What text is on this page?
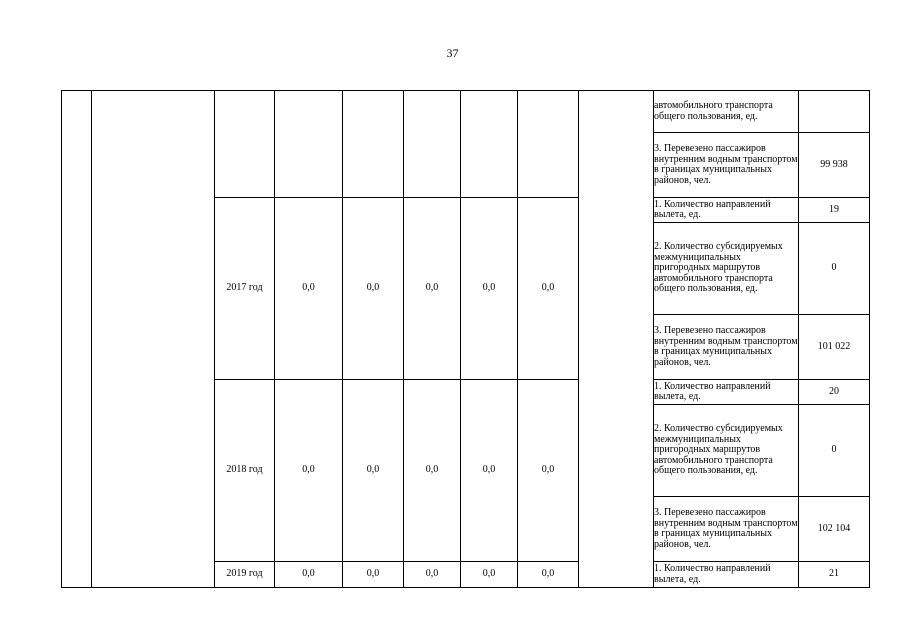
37
									автомобильного транспорта общего пользования, ед.	
									3. Перевезено пассажиров внутренним водным транспортом в границах муниципальных районов, чел.	99 938
		2017 год	0,0	0,0	0,0	0,0	0,0		1. Количество направлений вылета, ед.	19
									2. Количество субсидируемых межмуниципальных пригородных маршрутов автомобильного транспорта общего пользования, ед.	0
									3. Перевезено пассажиров внутренним водным транспортом в границах муниципальных районов, чел.	101 022
		2018 год	0,0	0,0	0,0	0,0	0,0		1. Количество направлений вылета, ед.	20
									2. Количество субсидируемых межмуниципальных пригородных маршрутов автомобильного транспорта общего пользования, ед.	0
									3. Перевезено пассажиров внутренним водным транспортом в границах муниципальных районов, чел.	102 104
		2019 год	0,0	0,0	0,0	0,0	0,0		1. Количество направлений вылета, ед.	21
